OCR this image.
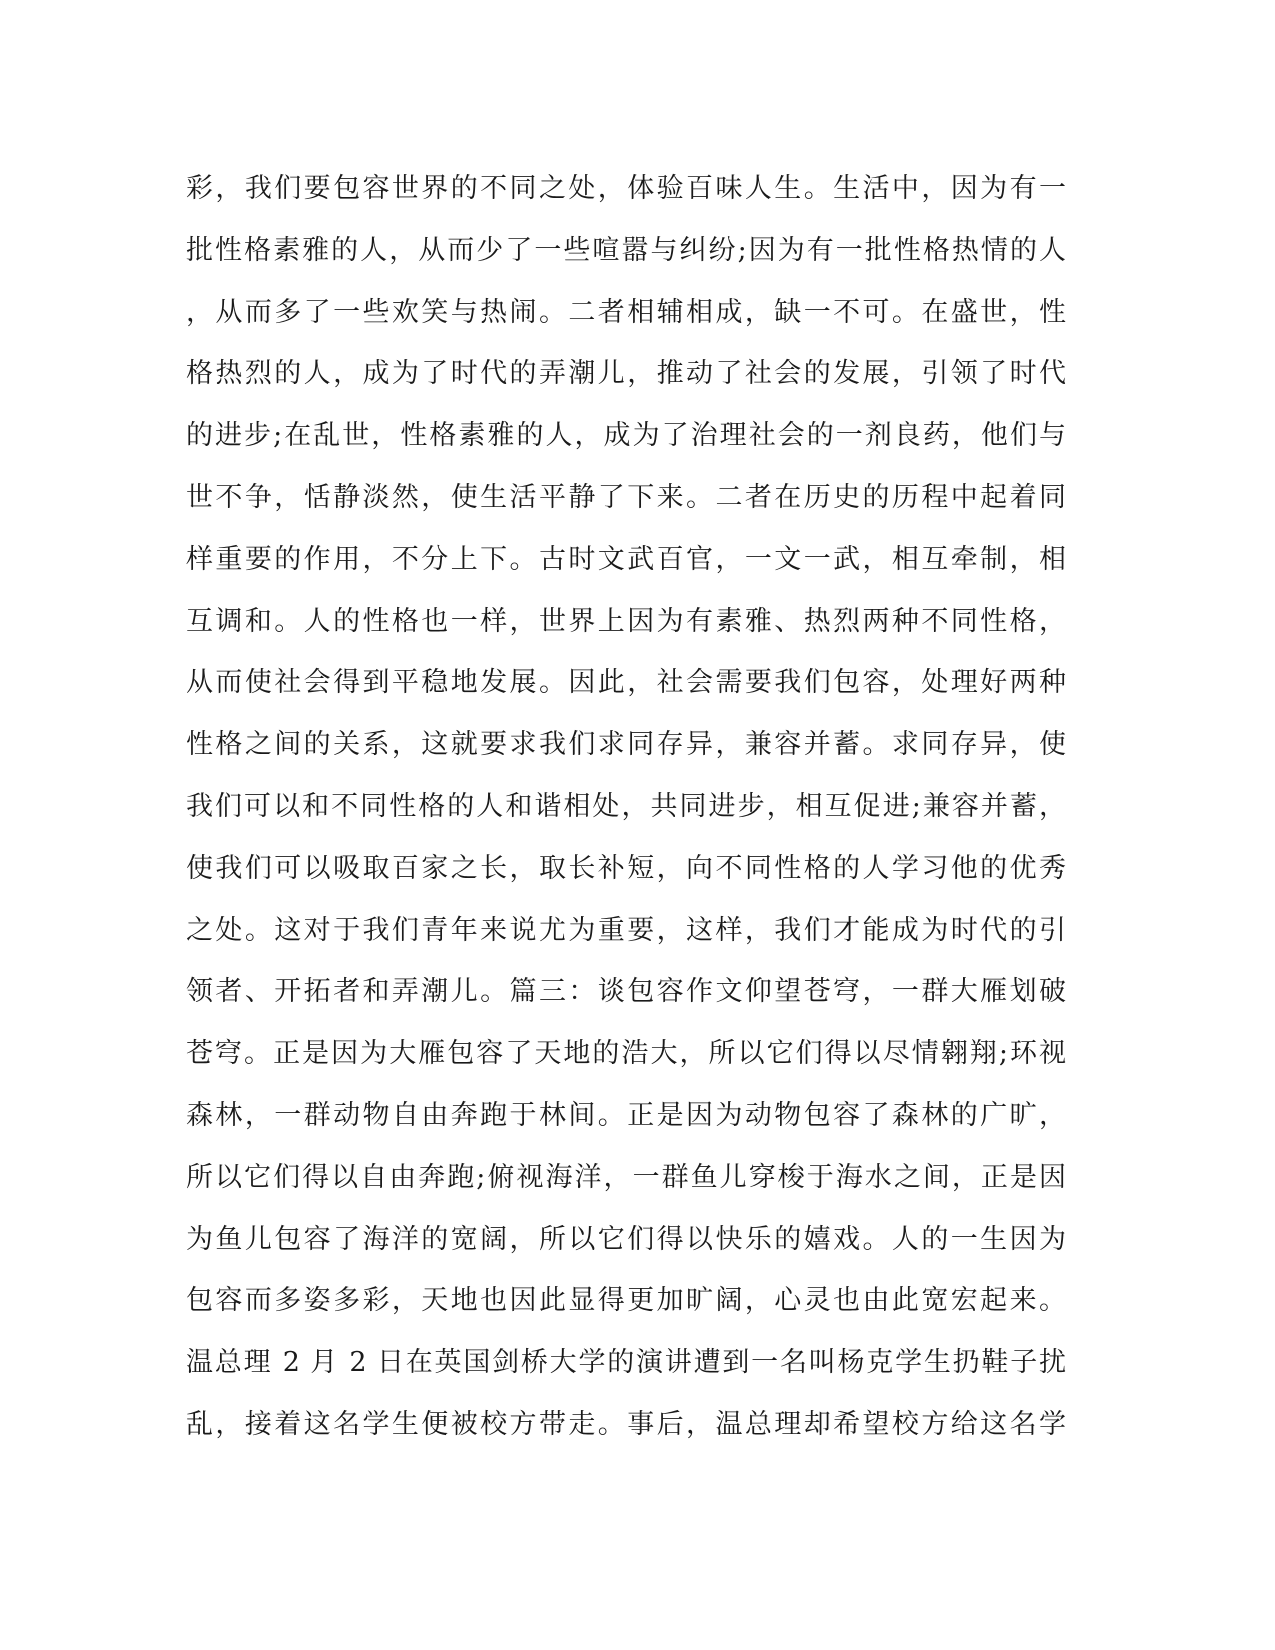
彩，我们要包容世界的不同之处，体验百味人生。生活中，因为有一
批性格素雅的人，从而少了一些喧嚣与纠纷;因为有一批性格热情的人
，从而多了一些欢笑与热闹。二者相辅相成，缺一不可。在盛世，性
格热烈的人，成为了时代的弄潮儿，推动了社会的发展，引领了时代
的进步;在乱世，性格素雅的人，成为了治理社会的一剂良药，他们与
世不争，恬静淡然，使生活平静了下来。二者在历史的历程中起着同
样重要的作用，不分上下。古时文武百官，一文一武，相互牵制，相
互调和。人的性格也一样，世界上因为有素雅、热烈两种不同性格，
从而使社会得到平稳地发展。因此，社会需要我们包容，处理好两种
性格之间的关系，这就要求我们求同存异，兼容并蓄。求同存异，使
我们可以和不同性格的人和谐相处，共同进步，相互促进;兼容并蓄，
使我们可以吸取百家之长，取长补短，向不同性格的人学习他的优秀
之处。这对于我们青年来说尤为重要，这样，我们才能成为时代的引
领者、开拓者和弄潮儿。篇三：谈包容作文仰望苍穹，一群大雁划破
苍穹。正是因为大雁包容了天地的浩大，所以它们得以尽情翱翔;环视
森林，一群动物自由奔跑于林间。正是因为动物包容了森林的广旷，
所以它们得以自由奔跑;俯视海洋，一群鱼儿穿梭于海水之间，正是因
为鱼儿包容了海洋的宽阔，所以它们得以快乐的嬉戏。人的一生因为
包容而多姿多彩，天地也因此显得更加旷阔，心灵也由此宽宏起来。
温总理 2 月 2 日在英国剑桥大学的演讲遭到一名叫杨克学生扔鞋子扰
乱，接着这名学生便被校方带走。事后，温总理却希望校方给这名学
